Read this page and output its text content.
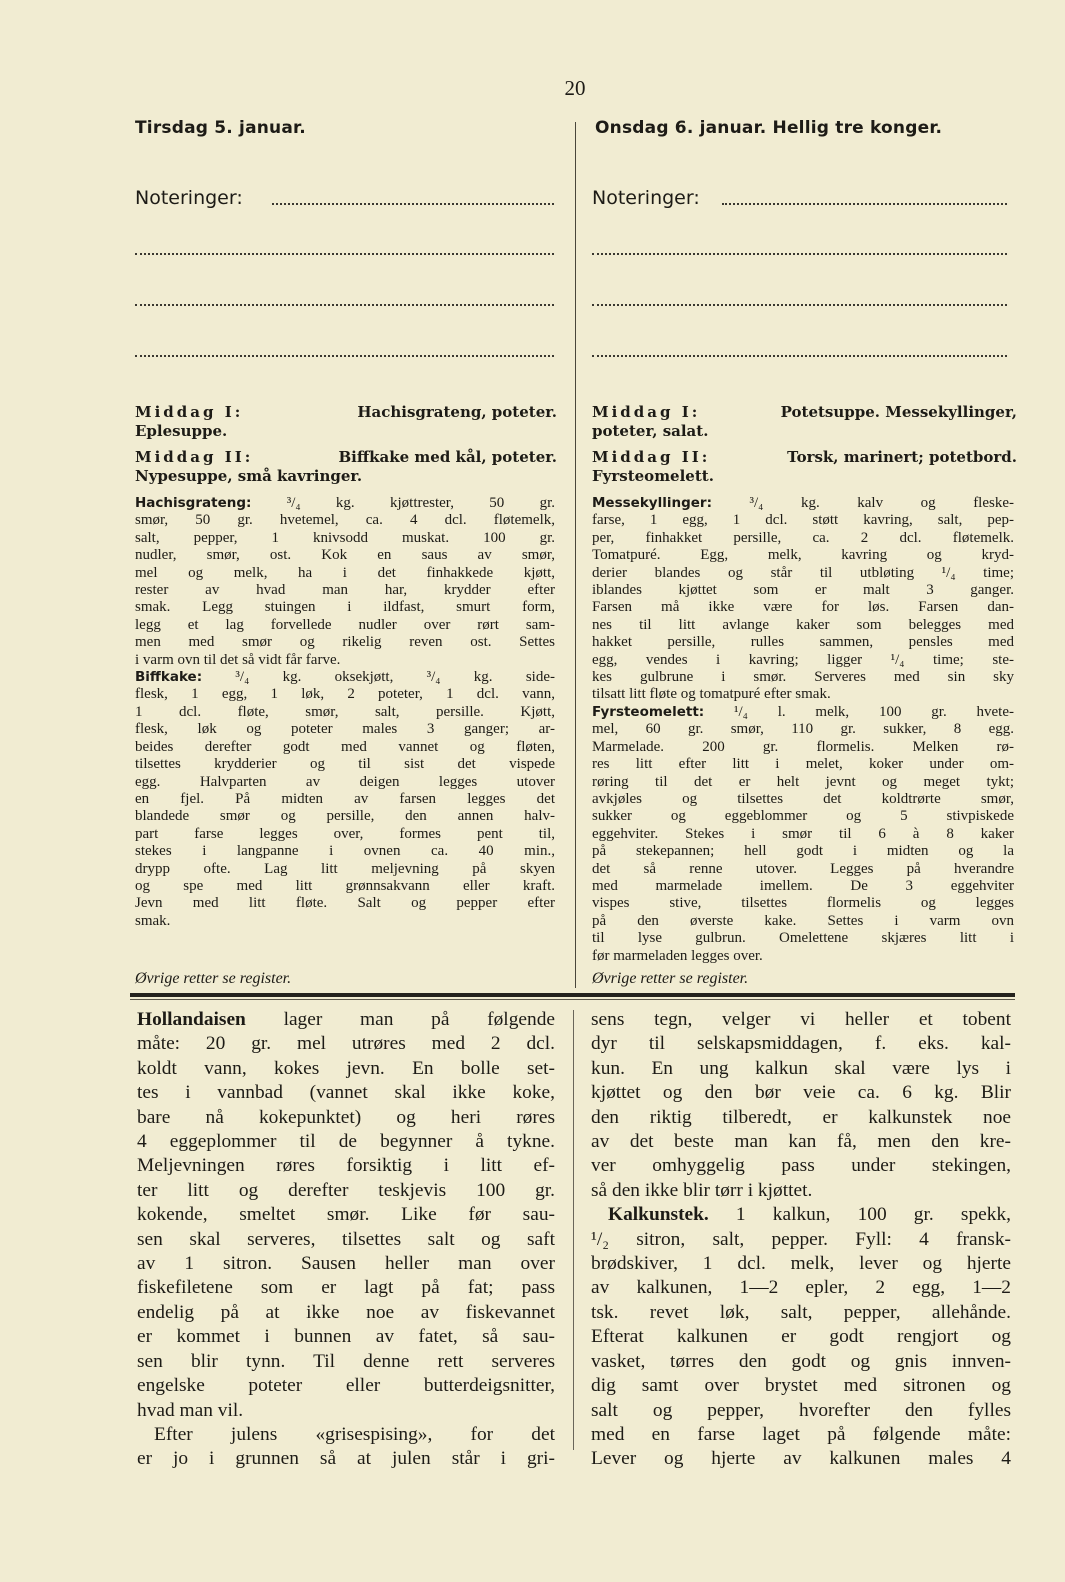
20
Tirsdag 5. januar.
Noteringer:
Middag I:	Hachisgrateng, poteter.
Eplesuppe.
Middag II:	Biffkake med kål, poteter.
Nypesuppe, små kavringer.
Hachisgrateng: ³/₄ kg. kjøttrester, 50 gr.
smør, 50 gr. hvetemel, ca. 4 dcl. fløtemelk,
salt, pepper, 1 knivsodd muskat. 100 gr.
nudler, smør, ost. Kok en saus av smør,
mel og melk, ha i det finhakkede kjøtt,
rester av hvad man har, krydder efter
smak. Legg stuingen i ildfast, smurt form,
legg et lag forvellede nudler over rørt sam-
men med smør og rikelig reven ost. Settes
i varm ovn til det så vidt får farve.
Biffkake: ³/₄ kg. oksekjøtt, ³/₄ kg. side-
flesk, 1 egg, 1 løk, 2 poteter, 1 dcl. vann,
1 dcl. fløte, smør, salt, persille. Kjøtt,
flesk, løk og poteter males 3 ganger; ar-
beides derefter godt med vannet og fløten,
tilsettes krydderier og til sist det vispede
egg. Halvparten av deigen legges utover
en fjel. På midten av farsen legges det
blandede smør og persille, den annen halv-
part farse legges over, formes pent til,
stekes i langpanne i ovnen ca. 40 min.,
drypp ofte. Lag litt meljevning på skyen
og spe med litt grønnsakvann eller kraft.
Jevn med litt fløte. Salt og pepper efter
smak.
Øvrige retter se register.
Onsdag 6. januar. Hellig tre konger.
Noteringer:
Middag I:	Potetsuppe. Messekyllinger,
poteter, salat.
Middag II:	Torsk, marinert; potetbord.
Fyrsteomelett.
Messekyllinger: ³/₄ kg. kalv og fleske-
farse, 1 egg, 1 dcl. støtt kavring, salt, pep-
per, finhakket persille, ca. 2 dcl. fløtemelk.
Tomatpuré. Egg, melk, kavring og kryd-
derier blandes og står til utbløting ¹/₄ time;
iblandes kjøttet som er malt 3 ganger.
Farsen må ikke være for løs. Farsen dan-
nes til litt avlange kaker som belegges med
hakket persille, rulles sammen, pensles med
egg, vendes i kavring; ligger ¹/₄ time; ste-
kes gulbrune i smør. Serveres med sin sky
tilsatt litt fløte og tomatpuré efter smak.
Fyrsteomelett: ¹/₄ l. melk, 100 gr. hvete-
mel, 60 gr. smør, 110 gr. sukker, 8 egg.
Marmelade. 200 gr. flormelis. Melken rø-
res litt efter litt i melet, koker under om-
røring til det er helt jevnt og meget tykt;
avkjøles og tilsettes det koldtrørte smør,
sukker og eggeblommer og 5 stivpiskede
eggehviter. Stekes i smør til 6 à 8 kaker
på stekepannen; hell godt i midten og la
det så renne utover. Legges på hverandre
med marmelade imellem. De 3 eggehviter
vispes stive, tilsettes flormelis og legges
på den øverste kake. Settes i varm ovn
til lyse gulbrun. Omelettene skjæres litt i
før marmeladen legges over.
Øvrige retter se register.
Hollandaisen lager man på følgende
måte: 20 gr. mel utrøres med 2 dcl.
koldt vann, kokes jevn. En bolle set-
tes i vannbad (vannet skal ikke koke,
bare nå kokepunktet) og heri røres
4 eggeplommer til de begynner å tykne.
Meljevningen røres forsiktig i litt ef-
ter litt og derefter teskjevis 100 gr.
kokende, smeltet smør. Like før sau-
sen skal serveres, tilsettes salt og saft
av 1 sitron. Sausen heller man over
fiskefiletene som er lagt på fat; pass
endelig på at ikke noe av fiskevannet
er kommet i bunnen av fatet, så sau-
sen blir tynn. Til denne rett serveres
engelske poteter eller butterdeigsnitter,
hvad man vil.
Efter julens «grisespising», for det
er jo i grunnen så at julen står i gri-
sens tegn, velger vi heller et tobent
dyr til selskapsmiddagen, f. eks. kal-
kun. En ung kalkun skal være lys i
kjøttet og den bør veie ca. 6 kg. Blir
den riktig tilberedt, er kalkunstek noe
av det beste man kan få, men den kre-
ver omhyggelig pass under stekingen,
så den ikke blir tørr i kjøttet.
Kalkunstek. 1 kalkun, 100 gr. spekk,
¹/₂ sitron, salt, pepper. Fyll: 4 fransk-
brødskiver, 1 dcl. melk, lever og hjerte
av kalkunen, 1—2 epler, 2 egg, 1—2
tsk. revet løk, salt, pepper, allehånde.
Efterat kalkunen er godt rengjort og
vasket, tørres den godt og gnis innven-
dig samt over brystet med sitronen og
salt og pepper, hvorefter den fylles
med en farse laget på følgende måte:
Lever og hjerte av kalkunen males 4
